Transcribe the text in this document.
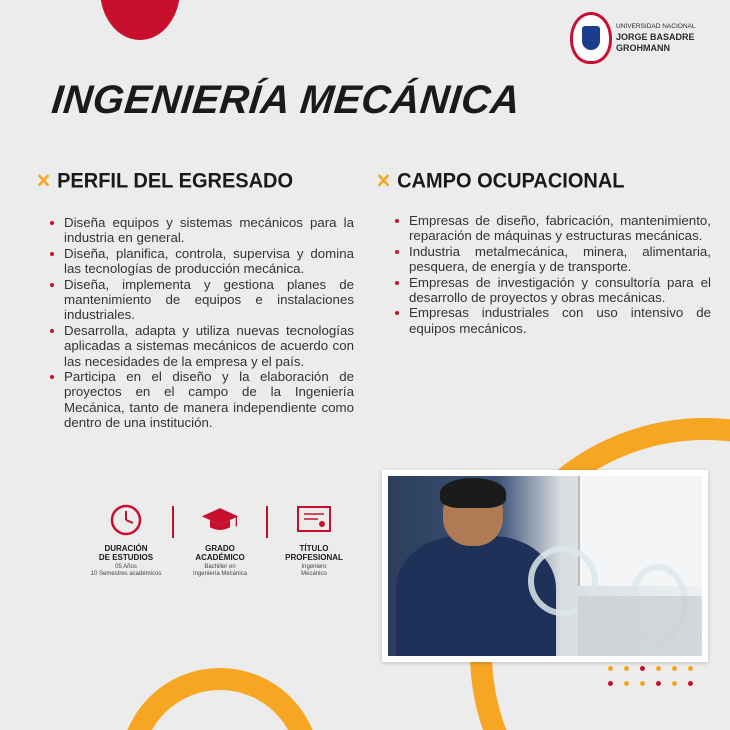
UNIVERSIDAD NACIONAL
JORGE BASADRE
GROHMANN
INGENIERÍA MECÁNICA
✕ PERFIL DEL EGRESADO
Diseña equipos y sistemas mecánicos para la industria en general.
Diseña, planifica, controla, supervisa y domina las tecnologías de producción mecánica.
Diseña, implementa y gestiona planes de mantenimiento de equipos e instalaciones industriales.
Desarrolla, adapta y utiliza nuevas tecnologías aplicadas a sistemas mecánicos de acuerdo con las necesidades de la empresa y el país.
Participa en el diseño y la elaboración de proyectos en el campo de la Ingeniería Mecánica, tanto de manera independiente como dentro de una institución.
✕ CAMPO OCUPACIONAL
Empresas de diseño, fabricación, mantenimiento, reparación de máquinas y estructuras mecánicas.
Industria metalmecánica, minera, alimentaria, pesquera, de energía y de transporte.
Empresas de investigación y consultoría para el desarrollo de proyectos y obras mecánicas.
Empresas industriales con uso intensivo de equipos mecánicos.
DURACIÓN
DE ESTUDIOS
05 Años
10 Semestres académicos
GRADO
ACADÉMICO
Bachiller en
Ingeniería Mecánica
TÍTULO
PROFESIONAL
Ingeniero
Mecánico
